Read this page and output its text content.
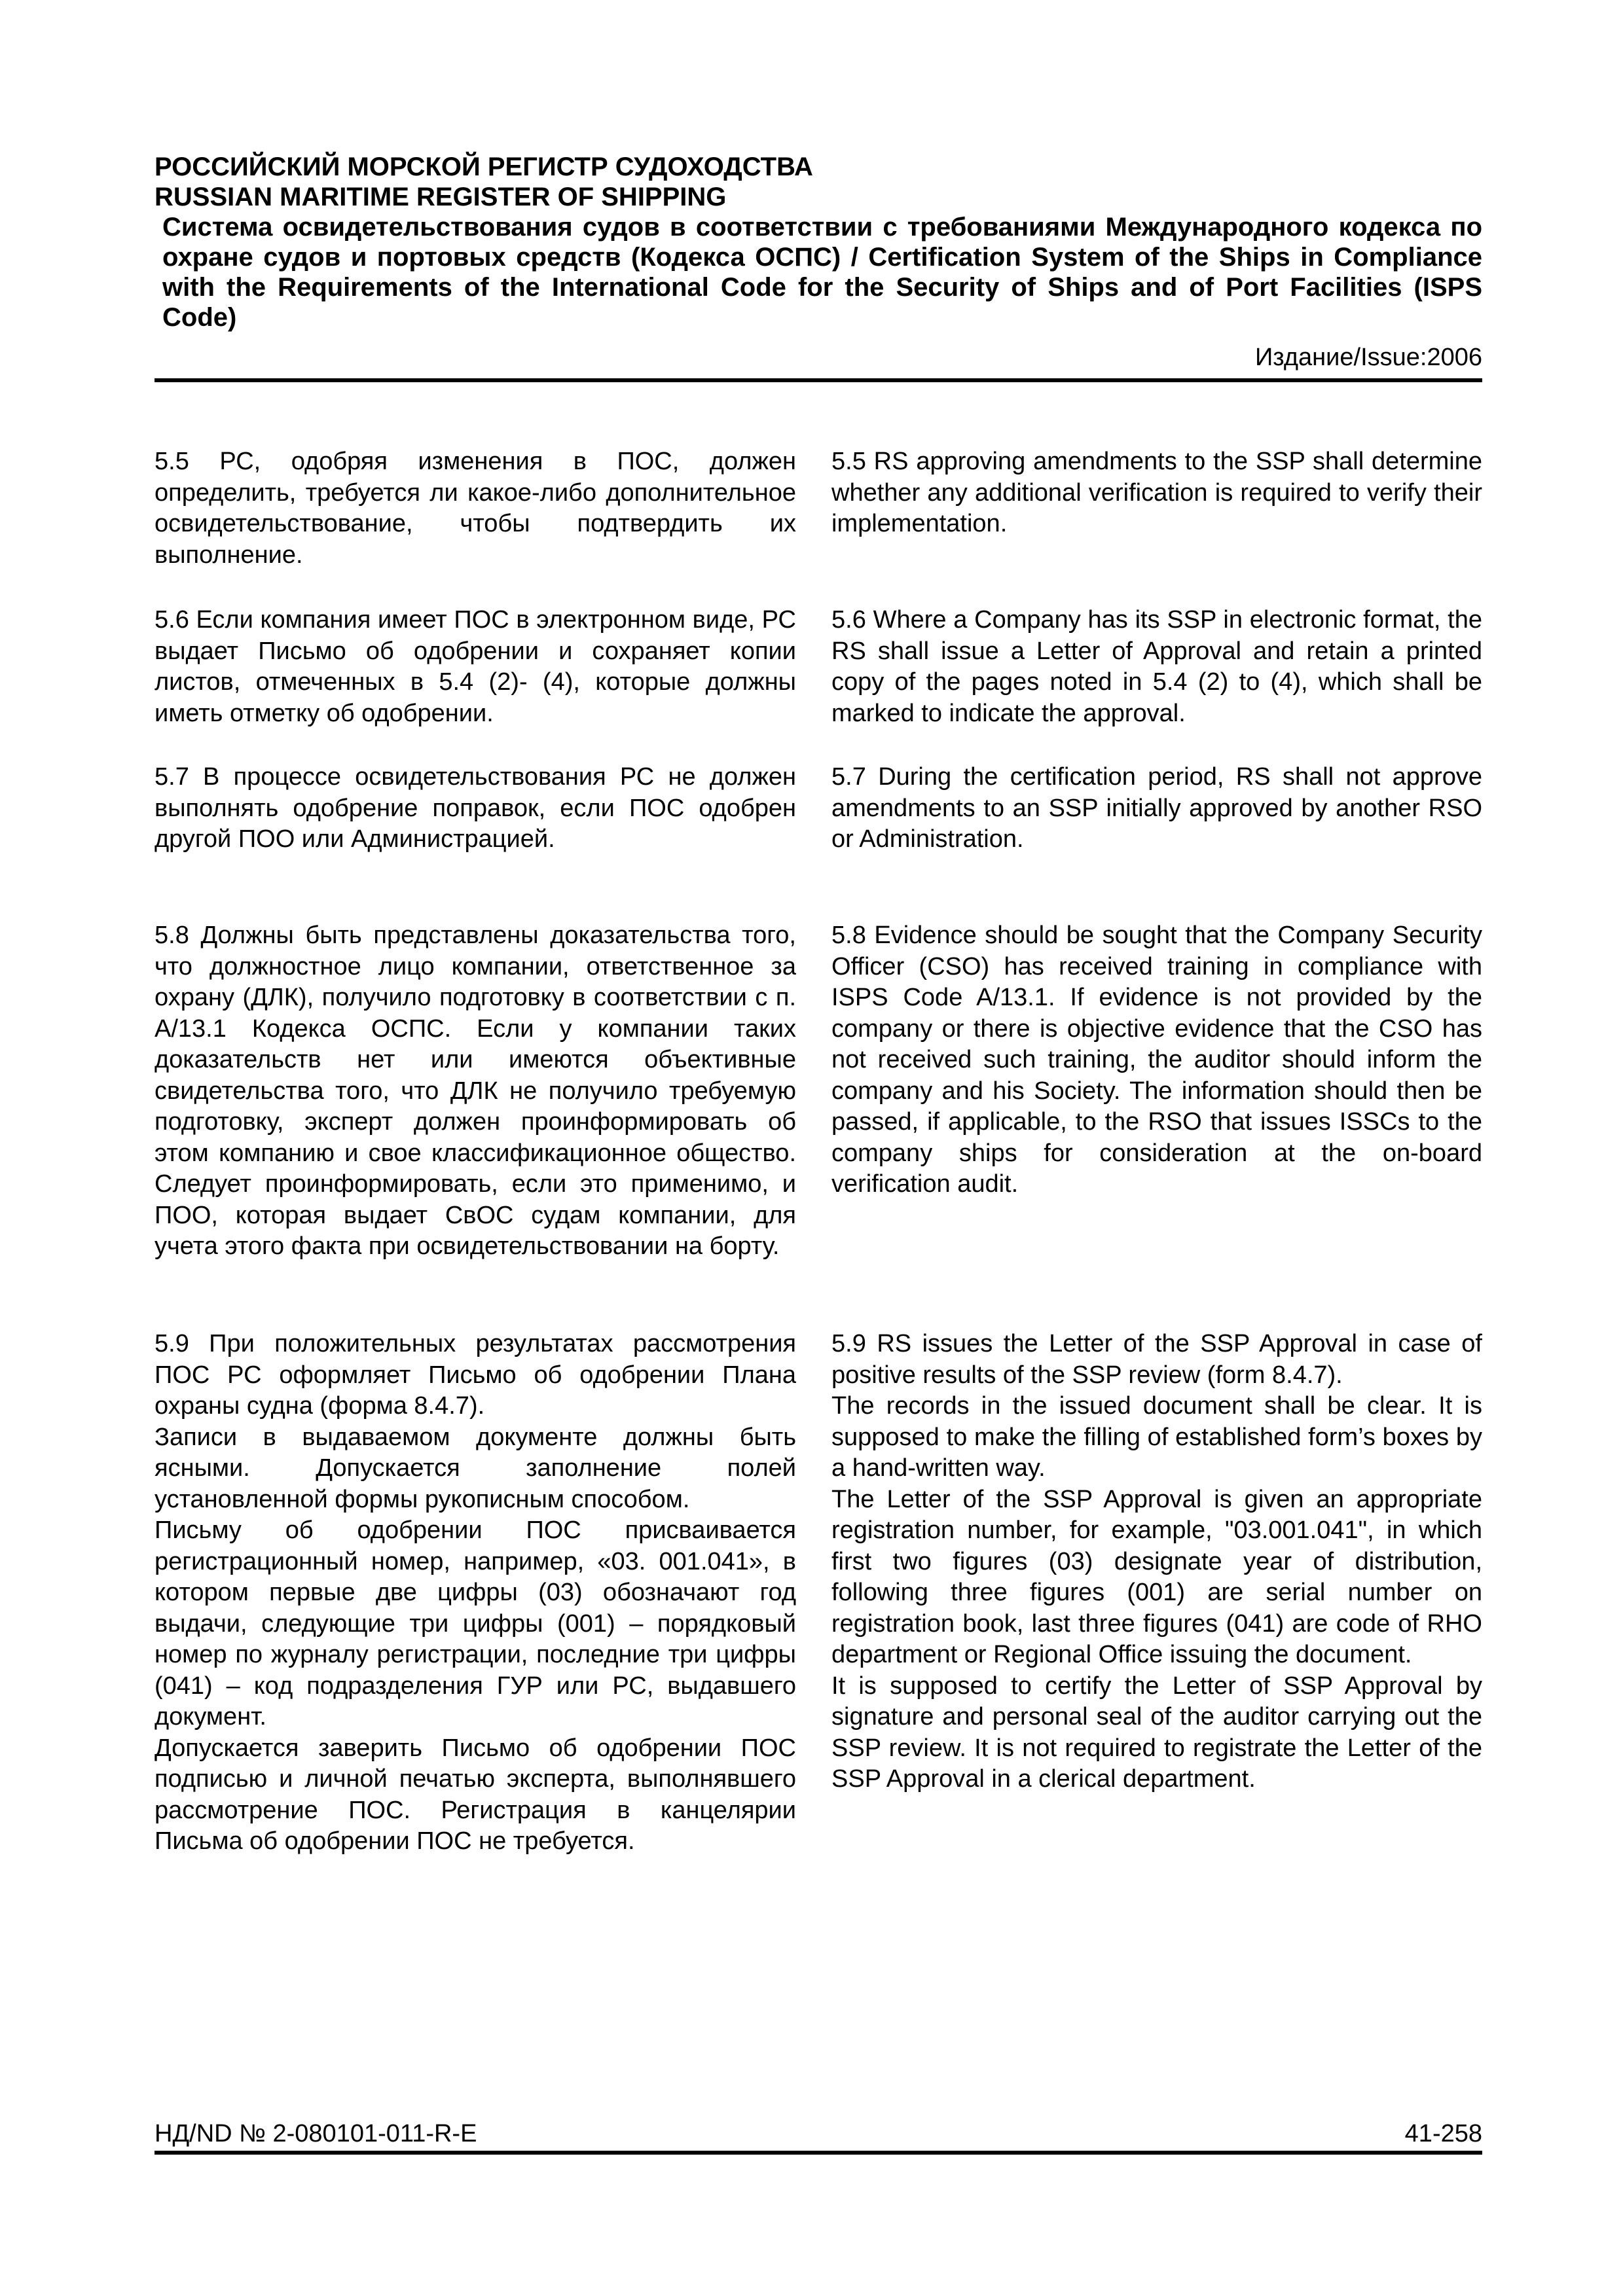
РОССИЙСКИЙ МОРСКОЙ РЕГИСТР СУДОХОДСТВА
RUSSIAN MARITIME REGISTER OF SHIPPING
Система освидетельствования судов в соответствии с требованиями Международного кодекса по охране судов и портовых средств (Кодекса ОСПС) / Certification System of the Ships in Compliance with the Requirements of the International Code for the Security of Ships and of Port Facilities (ISPS Code)
Издание/Issue:2006

5.5 РС, одобряя изменения в ПОС, должен определить, требуется ли какое-либо дополнительное освидетельствование, чтобы подтвердить их выполнение.

5.5 RS approving amendments to the SSP shall determine whether any additional verification is required to verify their implementation.

5.6 Если компания имеет ПОС в электронном виде, РС выдает Письмо об одобрении и сохраняет копии листов, отмеченных в 5.4 (2)- (4), которые должны иметь отметку об одобрении.

5.6 Where a Company has its SSP in electronic format, the RS shall issue a Letter of Approval and retain a printed copy of the pages noted in 5.4 (2) to (4), which shall be marked to indicate the approval.

5.7 В процессе освидетельствования РС не должен выполнять одобрение поправок, если ПОС одобрен другой ПОО или Администрацией.

5.7 During the certification period, RS shall not approve amendments to an SSP initially approved by another RSO or Administration.

5.8 Должны быть представлены доказательства того, что должностное лицо компании, ответственное за охрану (ДЛК), получило подготовку в соответствии с п. A/13.1 Кодекса ОСПС. Если у компании таких доказательств нет или имеются объективные свидетельства того, что ДЛК не получило требуемую подготовку, эксперт должен проинформировать об этом компанию и свое классификационное общество. Следует проинформировать, если это применимо, и ПОО, которая выдает СвОС судам компании, для учета этого факта при освидетельствовании на борту.

5.8 Evidence should be sought that the Company Security Officer (CSO) has received training in compliance with ISPS Code A/13.1. If evidence is not provided by the company or there is objective evidence that the CSO has not received such training, the auditor should inform the company and his Society. The information should then be passed, if applicable, to the RSO that issues ISSCs to the company ships for consideration at the on-board verification audit.

5.9 При положительных результатах рассмотрения ПОС РС оформляет Письмо об одобрении Плана охраны судна (форма 8.4.7).
Записи в выдаваемом документе должны быть ясными. Допускается заполнение полей установленной формы рукописным способом.
Письму об одобрении ПОС присваивается регистрационный номер, например, «03. 001.041», в котором первые две цифры (03) обозначают год выдачи, следующие три цифры (001) – порядковый номер по журналу регистрации, последние три цифры (041) – код подразделения ГУР или РС, выдавшего документ.
Допускается заверить Письмо об одобрении ПОС подписью и личной печатью эксперта, выполнявшего рассмотрение ПОС. Регистрация в канцелярии Письма об одобрении ПОС не требуется.
5.9 RS issues the Letter of the SSP Approval in case of positive results of the SSP review (form 8.4.7).
The records in the issued document shall be clear. It is supposed to make the filling of established form’s boxes by a hand-written way.
The Letter of the SSP Approval is given an appropriate registration number, for example, "03.001.041", in which first two figures (03) designate year of distribution, following three figures (001) are serial number on registration book, last three figures (041) are code of RHO department or Regional Office issuing the document.
It is supposed to certify the Letter of SSP Approval by signature and personal seal of the auditor carrying out the SSP review. It is not required to registrate the Letter of the SSP Approval in a clerical department.
НД/ND № 2-080101-011-R-E	41-258
